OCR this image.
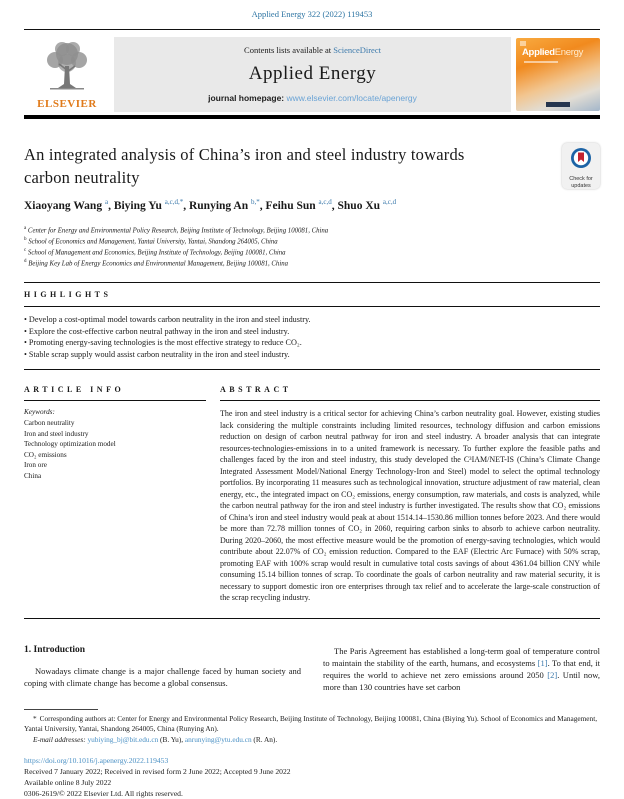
Applied Energy 322 (2022) 119453
ELSEVIER
Contents lists available at ScienceDirect
Applied Energy
journal homepage: www.elsevier.com/locate/apenergy
AppliedEnergy
An integrated analysis of China’s iron and steel industry towards carbon neutrality	Check for
updates
Xiaoyang Wang $^a$, Biying Yu $^{a,c,d,*}$, Runying An $^{b,*}$, Feihu Sun $^{a,c,d}$, Shuo Xu $^{a,c,d}$
$^a$ Center for Energy and Environmental Policy Research, Beijing Institute of Technology, Beijing 100081, China
$^b$ School of Economics and Management, Yantai University, Yantai, Shandong 264005, China
$^c$ School of Management and Economics, Beijing Institute of Technology, Beijing 100081, China
$^d$ Beijing Key Lab of Energy Economics and Environmental Management, Beijing 100081, China
HIGHLIGHTS
• Develop a cost-optimal model towards carbon neutrality in the iron and steel industry.
• Explore the cost-effective carbon neutral pathway in the iron and steel industry.
• Promoting energy-saving technologies is the most effective strategy to reduce CO₂.
• Stable scrap supply would assist carbon neutrality in the iron and steel industry.
ARTICLE INFO
Keywords:
Carbon neutrality
Iron and steel industry
Technology optimization model
CO₂ emissions
Iron ore
China
ABSTRACT
The iron and steel industry is a critical sector for achieving China’s carbon neutrality goal. However, existing studies lack considering the multiple constraints including limited resources, technology diffusion and carbon emissions reduction on design of carbon neutral pathway for iron and steel industry. A broader analysis that can integrate resources-technologies-emissions in to a united framework is necessary. To further explore the feasible paths and challenges faced by the iron and steel industry, this study developed the C³IAM/NET-IS (China’s Climate Change Integrated Assessment Model/National Energy Technology-Iron and Steel) model to select the optimal technology portfolios. By incorporating 11 measures such as technological innovation, structure adjustment of raw material, clean energy, etc., the integrated impact on CO₂ emissions, energy consumption, raw materials, and costs is analyzed, while the carbon neutral pathway for the iron and steel industry is further investigated. The results show that CO₂ emissions of China’s iron and steel industry would peak at about 1514.14–1530.86 million tonnes before 2023. And there would be more than 72.78 million tonnes of CO₂ in 2060, requiring carbon sinks to absorb to achieve carbon neutrality. During 2020–2060, the most effective measure would be the promotion of energy-saving technologies, which would contribute about 22.07% of CO₂ emission reduction. Compared to the EAF (Electric Arc Furnace) with 50% scrap, promoting EAF with 100% scrap would result in cumulative total costs savings of about 4361.04 billion CNY while consuming 15.14 billion tonnes of scrap. To coordinate the goals of carbon neutrality and raw material security, it is necessary to support domestic iron ore enterprises through tax relief and to accelerate the large-scale construction of the scrap recycling industry.
1. Introduction

Nowadays climate change is a major challenge faced by human society and coping with climate change has become a global consensus.

The Paris Agreement has established a long-term goal of temperature control to maintain the stability of the earth, humans, and ecosystems [1]. To that end, it requires the world to achieve net zero emissions around 2050 [2]. Until now, more than 130 countries have set carbon

* Corresponding authors at: Center for Energy and Environmental Policy Research, Beijing Institute of Technology, Beijing 100081, China (Biying Yu). School of Economics and Management, Yantai University, Yantai, Shandong 264005, China (Runying An).

E-mail addresses: yubiying_bj@bit.edu.cn (B. Yu), anrunying@ytu.edu.cn (R. An).

https://doi.org/10.1016/j.apenergy.2022.119453
Received 7 January 2022; Received in revised form 2 June 2022; Accepted 9 June 2022
Available online 8 July 2022
0306-2619/© 2022 Elsevier Ltd. All rights reserved.
